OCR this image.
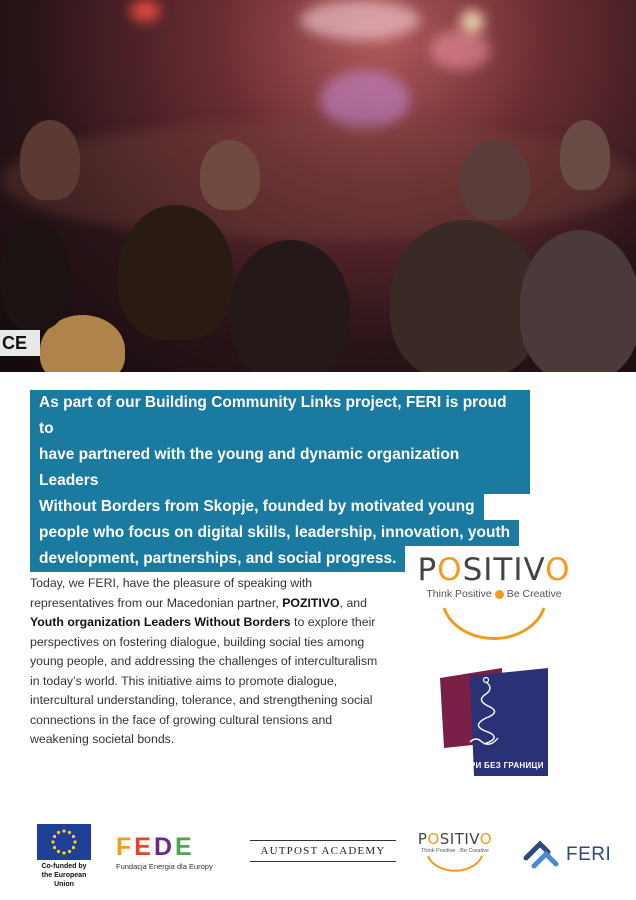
CE
As part of our Building Community Links project, FERI is proud to
have partnered with the young and dynamic organization Leaders
Without Borders from Skopje, founded by motivated young
people who focus on digital skills, leadership, innovation, youth
development, partnerships, and social progress.

Today, we FERI, have the pleasure of speaking with representatives from our Macedonian partner, POZITIVO, and Youth organization Leaders Without Borders to explore their perspectives on fostering dialogue, building social ties among young people, and addressing the challenges of interculturalism in today’s world. This initiative aims to promote dialogue, intercultural understanding, tolerance, and strengthening social connections in the face of growing cultural tensions and weakening societal bonds.

POSITIVO
Think Positive Be Creative
ЛИДЕРИ БЕЗ ГРАНИЦИ
Co-funded by
the European Union
FEDE
Fundacja Energia dla Europy
AUTPOST ACADEMY
POSITIVO
Think Positive · Be Creative	FERI
